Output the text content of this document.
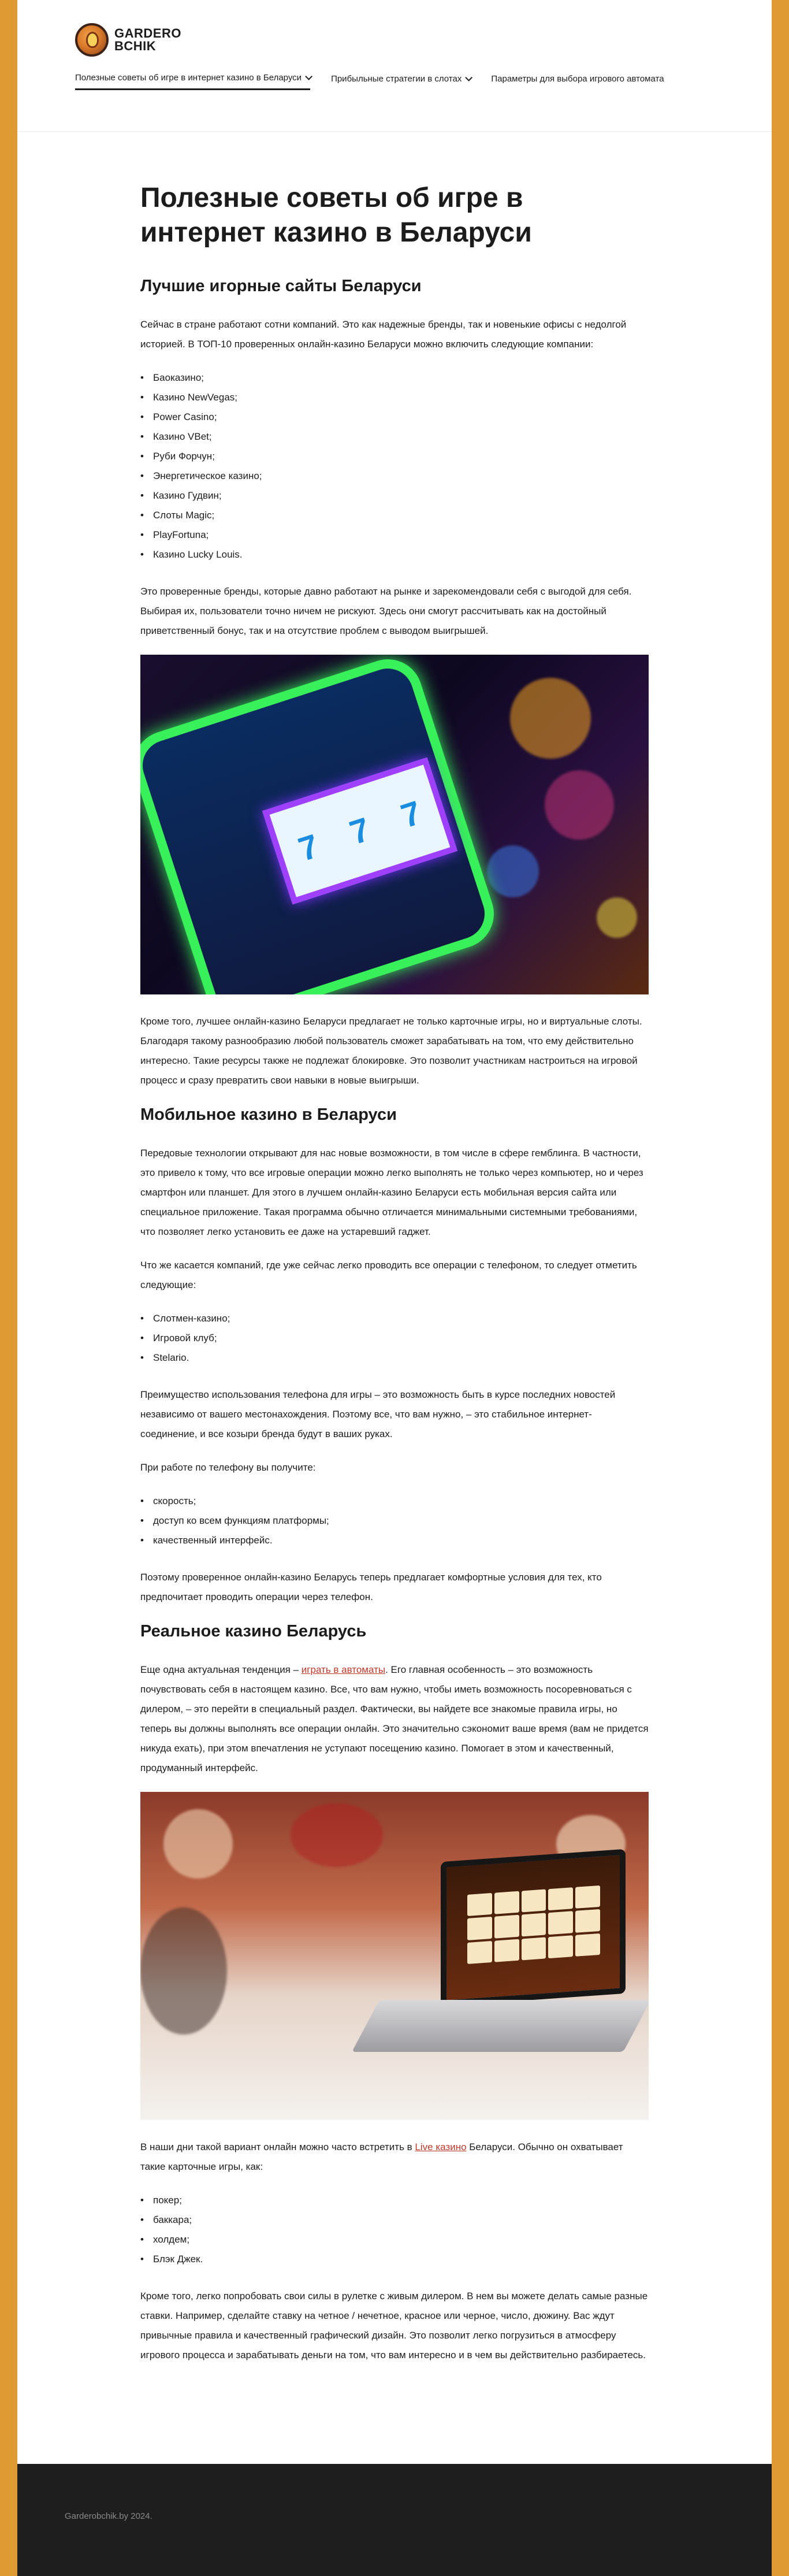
GARDERO
BCHIK
Полезные советы об игре в интернет казино в Беларуси	Прибыльные стратегии в слотах	Параметры для выбора игрового автомата
Полезные советы об игре в интернет казино в Беларуси
Лучшие игорные сайты Беларуси

Сейчас в стране работают сотни компаний. Это как надежные бренды, так и новенькие офисы с недолгой историей. В ТОП-10 проверенных онлайн-казино Беларуси можно включить следующие компании:

• Баоказино;
• Казино NewVegas;
• Power Casino;
• Казино VBet;
• Руби Форчун;
• Энергетическое казино;
• Казино Гудвин;
• Слоты Magic;
• PlayFortuna;
• Казино Lucky Louis.

Это проверенные бренды, которые давно работают на рынке и зарекомендовали себя с выгодой для себя. Выбирая их, пользователи точно ничем не рискуют. Здесь они смогут рассчитывать как на достойный приветственный бонус, так и на отсутствие проблем с выводом выигрышей.

7 7 7

Кроме того, лучшее онлайн-казино Беларуси предлагает не только карточные игры, но и виртуальные слоты. Благодаря такому разнообразию любой пользователь сможет зарабатывать на том, что ему действительно интересно. Такие ресурсы также не подлежат блокировке. Это позволит участникам настроиться на игровой процесс и сразу превратить свои навыки в новые выигрыши.

Мобильное казино в Беларуси

Передовые технологии открывают для нас новые возможности, в том числе в сфере гемблинга. В частности, это привело к тому, что все игровые операции можно легко выполнять не только через компьютер, но и через смартфон или планшет. Для этого в лучшем онлайн-казино Беларуси есть мобильная версия сайта или специальное приложение. Такая программа обычно отличается минимальными системными требованиями, что позволяет легко установить ее даже на устаревший гаджет.

Что же касается компаний, где уже сейчас легко проводить все операции с телефоном, то следует отметить следующие:

• Слотмен-казино;
• Игровой клуб;
• Stelario.

Преимущество использования телефона для игры – это возможность быть в курсе последних новостей независимо от вашего местонахождения. Поэтому все, что вам нужно, – это стабильное интернет-соединение, и все козыри бренда будут в ваших руках.

При работе по телефону вы получите:

• скорость;
• доступ ко всем функциям платформы;
• качественный интерфейс.

Поэтому проверенное онлайн-казино Беларусь теперь предлагает комфортные условия для тех, кто предпочитает проводить операции через телефон.

Реальное казино Беларусь

Еще одна актуальная тенденция – играть в автоматы. Его главная особенность – это возможность почувствовать себя в настоящем казино. Все, что вам нужно, чтобы иметь возможность посоревноваться с дилером, – это перейти в специальный раздел. Фактически, вы найдете все знакомые правила игры, но теперь вы должны выполнять все операции онлайн. Это значительно сэкономит ваше время (вам не придется никуда ехать), при этом впечатления не уступают посещению казино. Помогает в этом и качественный, продуманный интерфейс.

В наши дни такой вариант онлайн можно часто встретить в Live казино Беларуси. Обычно он охватывает такие карточные игры, как:

• покер;
• баккара;
• холдем;
• Блэк Джек.

Кроме того, легко попробовать свои силы в рулетке с живым дилером. В нем вы можете делать самые разные ставки. Например, сделайте ставку на четное / нечетное, красное или черное, число, дюжину. Вас ждут привычные правила и качественный графический дизайн. Это позволит легко погрузиться в атмосферу игрового процесса и зарабатывать деньги на том, что вам интересно и в чем вы действительно разбираетесь.

Garderobchik.by 2024.
